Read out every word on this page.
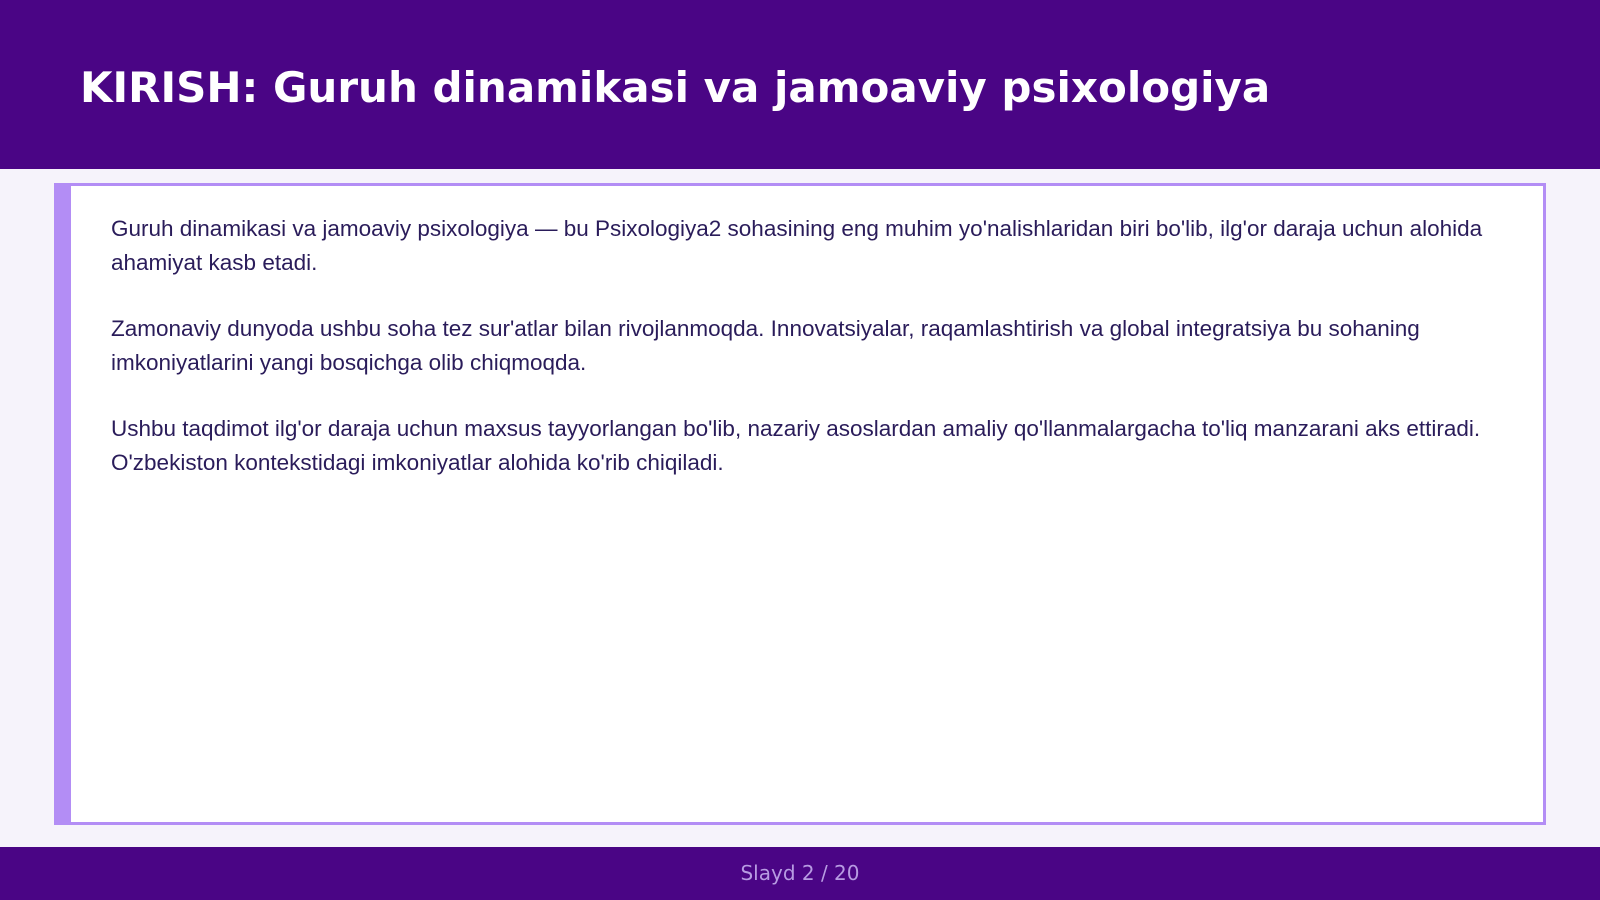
KIRISH: Guruh dinamikasi va jamoaviy psixologiya

Guruh dinamikasi va jamoaviy psixologiya — bu Psixologiya2 sohasining eng muhim yo'nalishlaridan biri bo'lib, ilg'or daraja uchun alohida ahamiyat kasb etadi.

Zamonaviy dunyoda ushbu soha tez sur'atlar bilan rivojlanmoqda. Innovatsiyalar, raqamlashtirish va global integratsiya bu sohaning imkoniyatlarini yangi bosqichga olib chiqmoqda.

Ushbu taqdimot ilg'or daraja uchun maxsus tayyorlangan bo'lib, nazariy asoslardan amaliy qo'llanmalargacha to'liq manzarani aks ettiradi. O'zbekiston kontekstidagi imkoniyatlar alohida ko'rib chiqiladi.

Slayd 2 / 20
